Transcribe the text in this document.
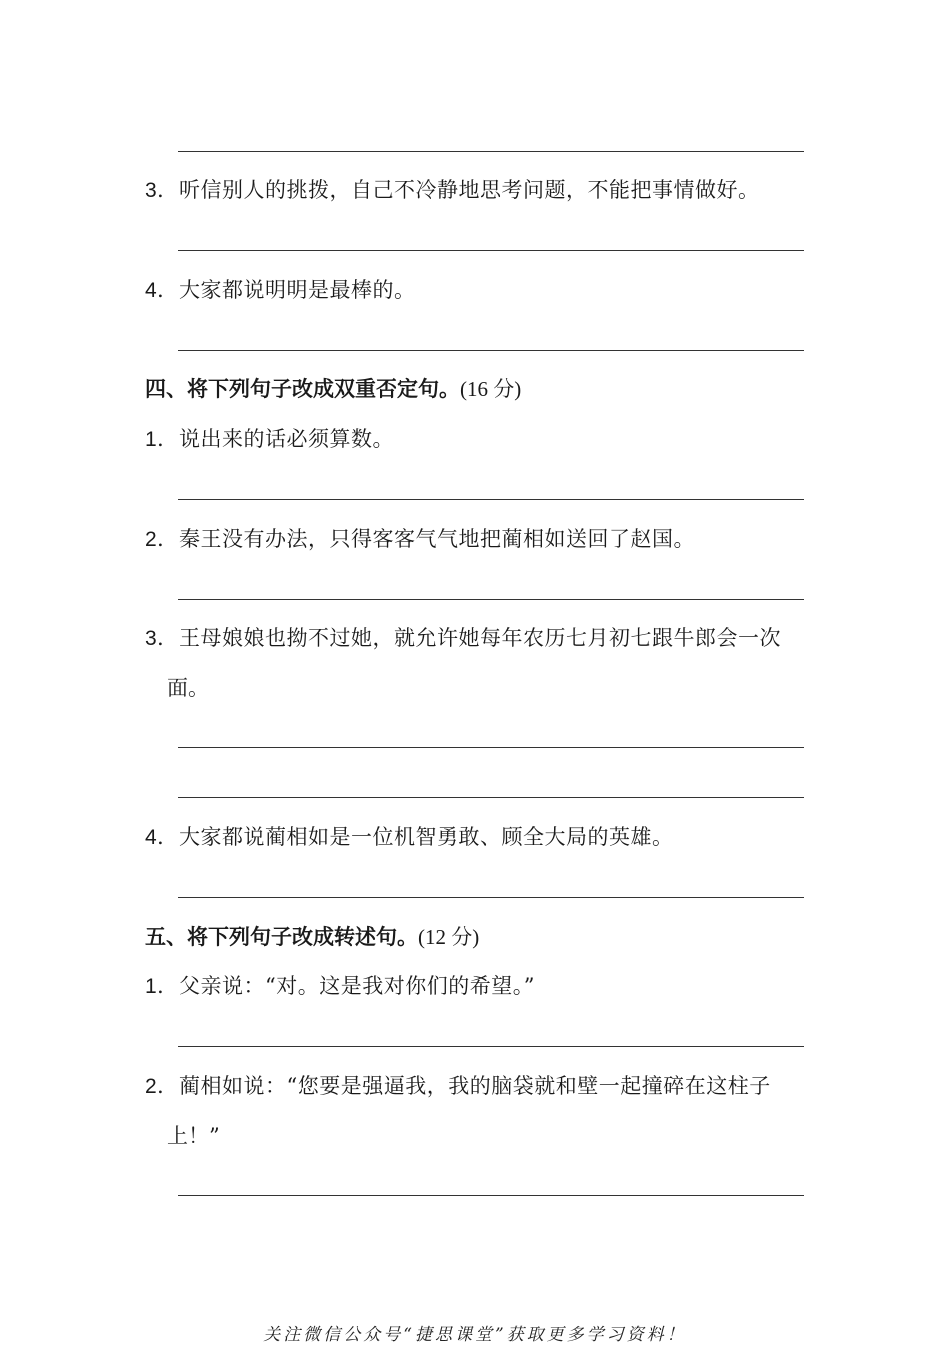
3．听信别人的挑拨，自己不冷静地思考问题，不能把事情做好。
4．大家都说明明是最棒的。
四、将下列句子改成双重否定句。(16 分)
1．说出来的话必须算数。
2．秦王没有办法，只得客客气气地把蔺相如送回了赵国。
3．王母娘娘也拗不过她，就允许她每年农历七月初七跟牛郎会一次
面。
4．大家都说蔺相如是一位机智勇敢、顾全大局的英雄。
五、将下列句子改成转述句。(12 分)
1．父亲说：“对。这是我对你们的希望。”
2．蔺相如说：“您要是强逼我，我的脑袋就和壁一起撞碎在这柱子
上！”
关注微信公众号“捷思课堂”获取更多学习资料！
